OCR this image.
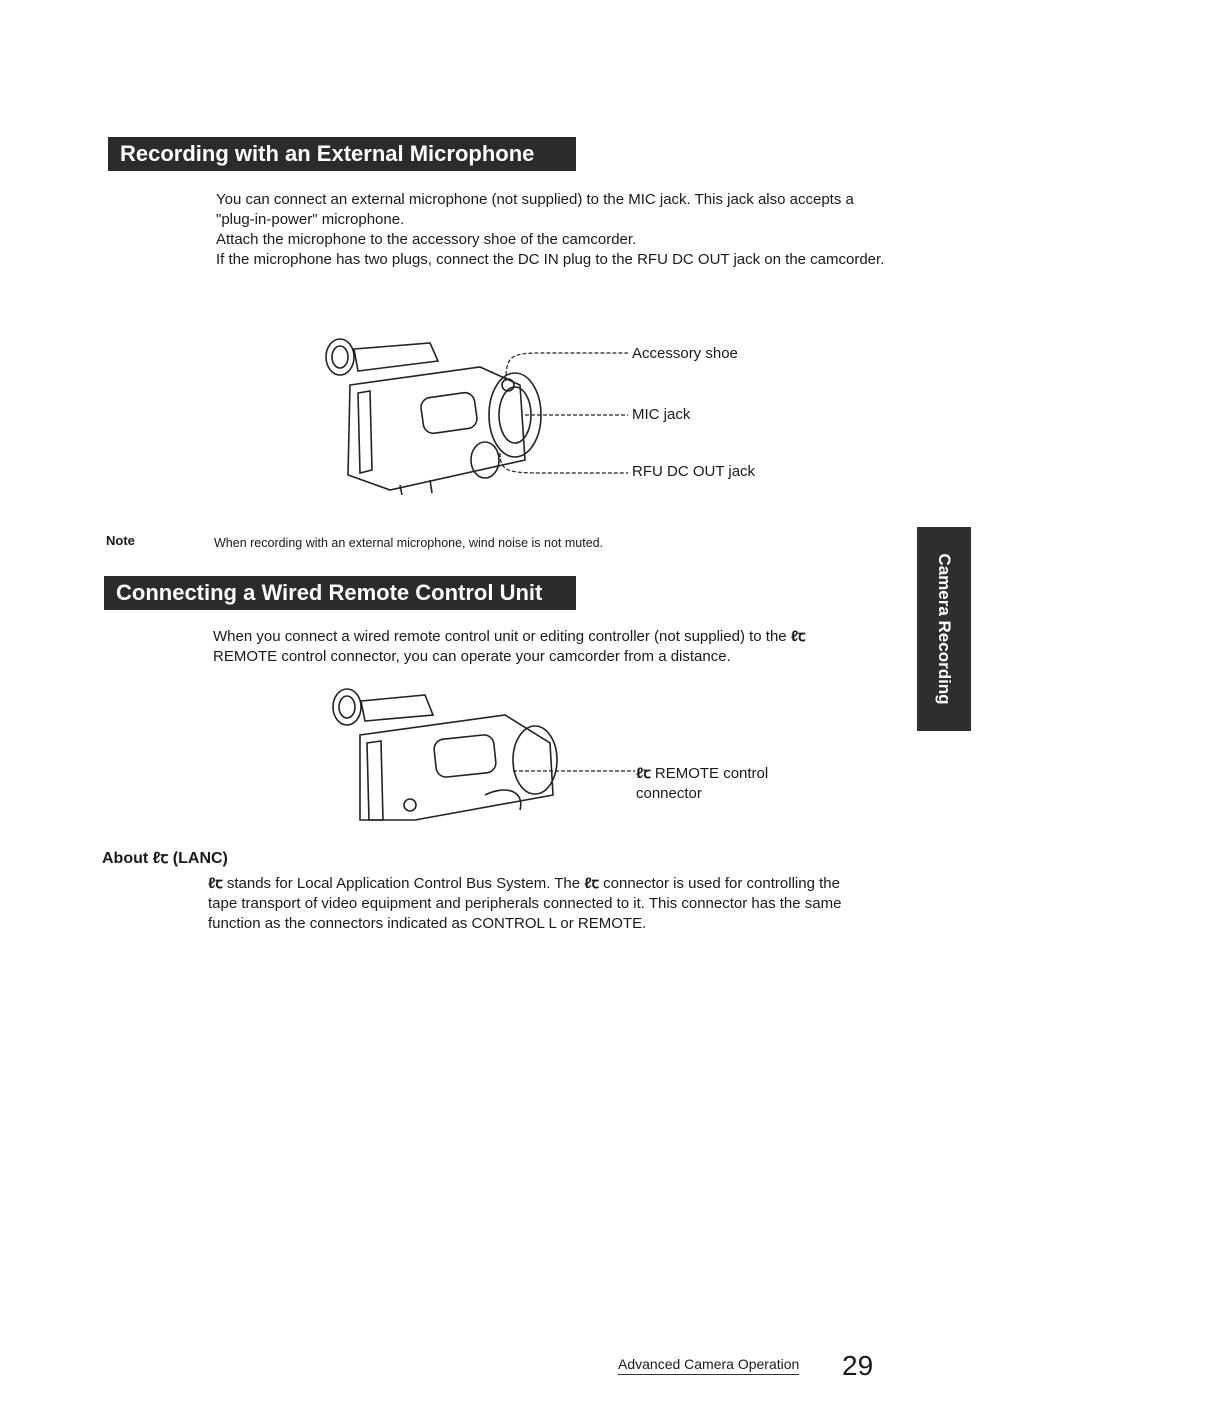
Recording with an External Microphone

You can connect an external microphone (not supplied) to the MIC jack. This jack also accepts a "plug-in-power" microphone.

Attach the microphone to the accessory shoe of the camcorder.

If the microphone has two plugs, connect the DC IN plug to the RFU DC OUT jack on the camcorder.

Accessory shoe
MIC jack
RFU DC OUT jack
Note	When recording with an external microphone, wind noise is not muted.
Connecting a Wired Remote Control Unit

When you connect a wired remote control unit or editing controller (not supplied) to the ℓꞇ

REMOTE control connector, you can operate your camcorder from a distance.

ℓꞇ REMOTE control
connector
About ℓꞇ (LANC)
ℓꞇ stands for Local Application Control Bus System. The ℓꞇ connector is used for controlling the tape transport of video equipment and peripherals connected to it. This connector has the same function as the connectors indicated as CONTROL L or REMOTE.
Camera Recording
Advanced Camera Operation 29
